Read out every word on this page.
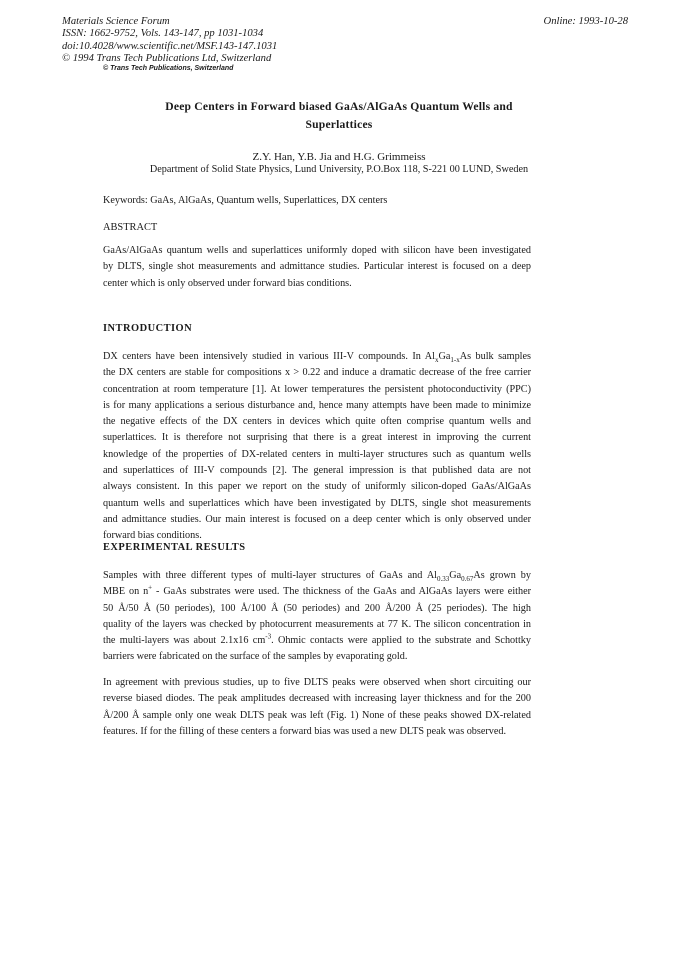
Materials Science Forum
ISSN: 1662-9752, Vols. 143-147, pp 1031-1034
doi:10.4028/www.scientific.net/MSF.143-147.1031
© 1994 Trans Tech Publications Ltd, Switzerland
Online: 1993-10-28
© Trans Tech Publications, Switzerland
Deep Centers in Forward biased GaAs/AlGaAs Quantum Wells and
Superlattices
Z.Y. Han, Y.B. Jia and H.G. Grimmeiss
Department of Solid State Physics, Lund University, P.O.Box 118, S-221 00 LUND, Sweden
Keywords: GaAs, AlGaAs, Quantum wells, Superlattices, DX centers
ABSTRACT
GaAs/AlGaAs quantum wells and superlattices uniformly doped with silicon have been investigated
by DLTS, single shot measurements and admittance studies. Particular interest is focused on a deep
center which is only observed under forward bias conditions.
INTRODUCTION
DX centers have been intensively studied in various III-V compounds. In $Al_xGa_{1-x}As$ bulk samples
the DX centers are stable for compositions x > 0.22 and induce a dramatic decrease of the free carrier
concentration at room temperature [1]. At lower temperatures the persistent photoconductivity (PPC)
is for many applications a serious disturbance and, hence many attempts have been made to minimize
the negative effects of the DX centers in devices which quite often comprise quantum wells and
superlattices. It is therefore not surprising that there is a great interest in improving the current
knowledge of the properties of DX-related centers in multi-layer structures such as quantum wells
and superlattices of III-V compounds [2]. The general impression is that published data are not
always consistent. In this paper we report on the study of uniformly silicon-doped GaAs/AlGaAs
quantum wells and superlattices which have been investigated by DLTS, single shot measurements
and admittance studies. Our main interest is focused on a deep center which is only observed under
forward bias conditions.
EXPERIMENTAL RESULTS
Samples with three different types of multi-layer structures of GaAs and $Al_{0.33}Ga_{0.67}As$ grown by
MBE on n+ - GaAs substrates were used. The thickness of the GaAs and AlGaAs layers were either
50 Å/50 Å (50 periodes), 100 Å/100 Å (50 periodes) and 200 Å/200 Å (25 periodes). The high
quality of the layers was checked by photocurrent measurements at 77 K. The silicon concentration in
the multi-layers was about 2.1x16 $cm^{-3}$. Ohmic contacts were applied to the substrate and Schottky
barriers were fabricated on the surface of the samples by evaporating gold.
In agreement with previous studies, up to five DLTS peaks were observed when short circuiting our
reverse biased diodes. The peak amplitudes decreased with increasing layer thickness and for the 200
Å/200 Å sample only one weak DLTS peak was left (Fig. 1) None of these peaks showed DX-related
features. If for the filling of these centers a forward bias was used a new DLTS peak was observed.
